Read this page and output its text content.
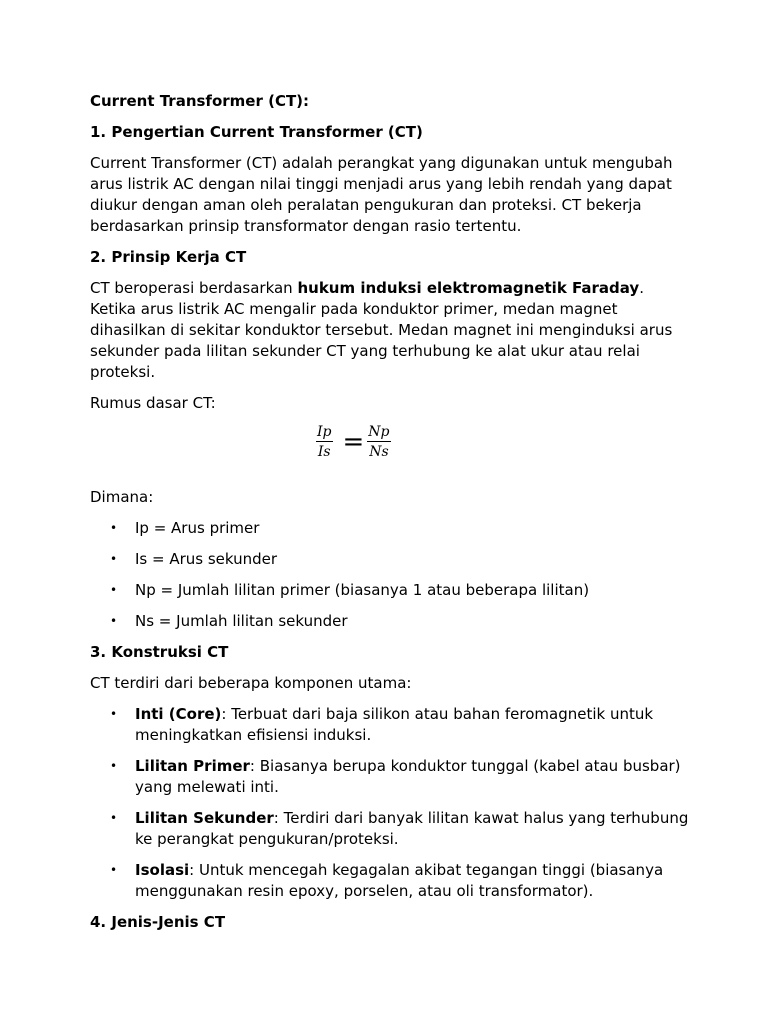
Current Transformer (CT):
1. Pengertian Current Transformer (CT)
Current Transformer (CT) adalah perangkat yang digunakan untuk mengubah arus listrik AC dengan nilai tinggi menjadi arus yang lebih rendah yang dapat diukur dengan aman oleh peralatan pengukuran dan proteksi. CT bekerja berdasarkan prinsip transformator dengan rasio tertentu.
2. Prinsip Kerja CT
CT beroperasi berdasarkan hukum induksi elektromagnetik Faraday. Ketika arus listrik AC mengalir pada konduktor primer, medan magnet dihasilkan di sekitar konduktor tersebut. Medan magnet ini menginduksi arus sekunder pada lilitan sekunder CT yang terhubung ke alat ukur atau relai proteksi.
Rumus dasar CT:
$\frac{Ip}{Is} = \frac{Np}{Ns}$
Dimana:
• Ip = Arus primer
• Is = Arus sekunder
• Np = Jumlah lilitan primer (biasanya 1 atau beberapa lilitan)
• Ns = Jumlah lilitan sekunder
3. Konstruksi CT
CT terdiri dari beberapa komponen utama:
• Inti (Core): Terbuat dari baja silikon atau bahan feromagnetik untuk meningkatkan efisiensi induksi.
• Lilitan Primer: Biasanya berupa konduktor tunggal (kabel atau busbar) yang melewati inti.
• Lilitan Sekunder: Terdiri dari banyak lilitan kawat halus yang terhubung ke perangkat pengukuran/proteksi.
• Isolasi: Untuk mencegah kegagalan akibat tegangan tinggi (biasanya menggunakan resin epoxy, porselen, atau oli transformator).
4. Jenis-Jenis CT
